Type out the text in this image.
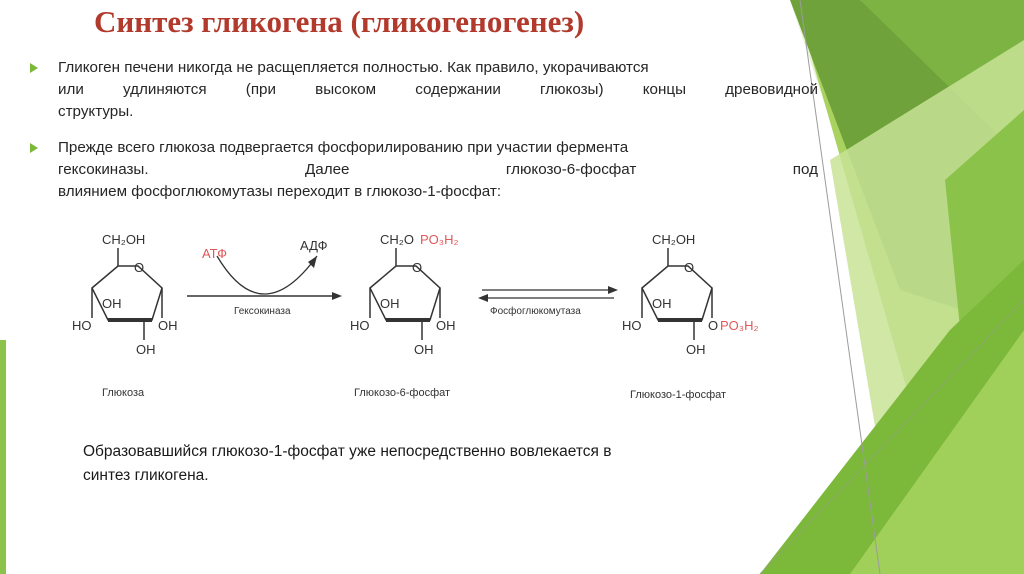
Синтез гликогена (гликогеногенез)
Гликоген печени никогда не расщепляется полностью. Как правило, укорачиваются
или удлиняются (при высоком содержании глюкозы) концы древовидной
структуры.
Прежде всего глюкоза подвергается фосфорилированию при участии фермента
гексокиназы.	Далее	глюкозо-6-фосфат	под
влиянием фосфоглюкомутазы переходит в глюкозо-1-фосфат:
CH₂OH
O
OH
HO	OH
OH
Глюкоза
АТФ
АДФ
Гексокиназа
CH₂O PO₃H₂
O
OH
HO	OH
OH
Глюкозо-6-фосфат
Фосфоглюкомутаза
CH₂OH
O
OH
HO	O PO₃H₂
OH
Глюкозо-1-фосфат
Образовавшийся глюкозо-1-фосфат уже непосредственно вовлекается в
синтез гликогена.
